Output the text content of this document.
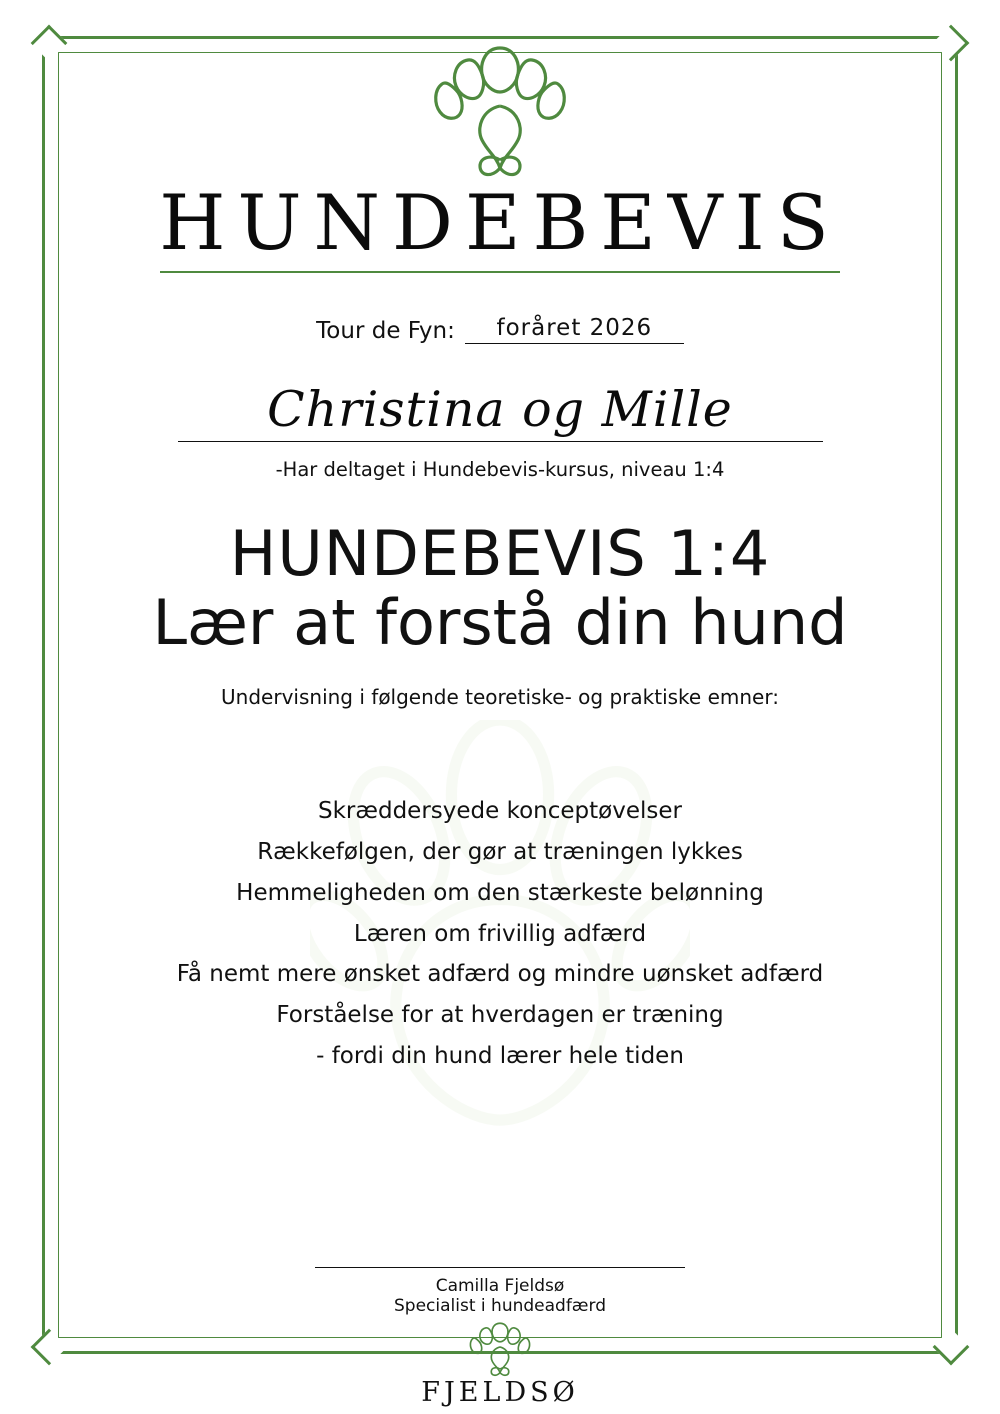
HUNDEBEVIS
Tour de Fyn:	foråret 2026
Christina og Mille
-Har deltaget i Hundebevis-kursus, niveau 1:4
HUNDEBEVIS 1:4
Lær at forstå din hund
Undervisning i følgende teoretiske- og praktiske emner:
Skræddersyede konceptøvelser
Rækkefølgen, der gør at træningen lykkes
Hemmeligheden om den stærkeste belønning
Læren om frivillig adfærd
Få nemt mere ønsket adfærd og mindre uønsket adfærd
Forståelse for at hverdagen er træning
- fordi din hund lærer hele tiden
Camilla Fjeldsø
Specialist i hundeadfærd
FJELDSØ
